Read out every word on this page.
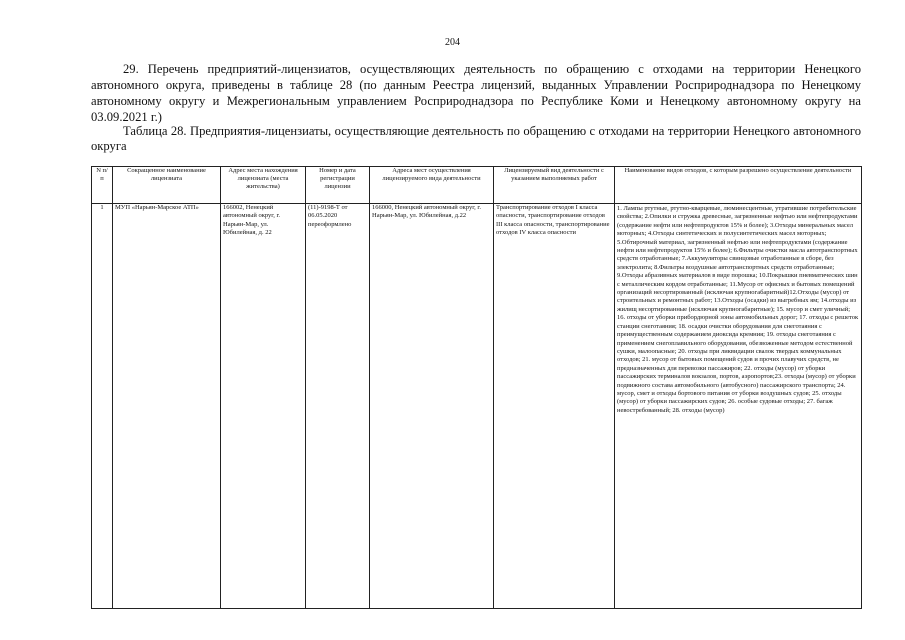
204
29. Перечень предприятий-лицензиатов, осуществляющих деятельность по обращению с отходами на территории Ненецкого автономного округа, приведены в таблице 28 (по данным Реестра лицензий, выданных Управлении Росприроднадзора по Ненецкому автономному округу и Межрегиональным управлением Росприроднадзора по Республике Коми и Ненецкому автономному округу на 03.09.2021 г.)
Таблица 28. Предприятия-лицензиаты, осуществляющие деятельность по обращению с отходами на территории Ненецкого автономного округа
N п/ п	Сокращенное наименование лицензиата	Адрес места нахождения лицензиата (места жительства)	Номер и дата регистрации лицензии	Адреса мест осуществления лицензируемого вида деятельности	Лицензируемый вид деятельности с указанием выполняемых работ	Наименование видов отходов, с которым разрешено осуществление деятельности
1	МУП «Нарьян-Марское АТП»	166002, Ненецкий автономный округ, г. Нарьян-Мар, ул. Юбилейная, д. 22	(11)-9198-Т от 06.05.2020 переоформлено	166000, Ненецкий автономный округ, г. Нарьян-Мар, ул. Юбилейная, д.22	Транспортирование отходов I класса опасности, транспортирование отходов III класса опасности, транспортирование отходов IV класса опасности	1. Лампы ртутные, ртутно-кварцевые, люминесцентные, утратившие потребительские свойства; 2.Опилки и стружка древесные, загрязненные нефтью или нефтепродуктами (содержание нефти или нефтепродуктов 15% и более); 3.Отходы минеральных масел моторных; 4.Отходы синтетических и полусинтетических масел моторных; 5.Обтирочный материал, загрязненный нефтью или нефтепродуктами (содержание нефти или нефтепродуктов 15% и более); 6.Фильтры очистки масла автотранспортных средств отработанные; 7.Аккумуляторы свинцовые отработанные в сборе, без электролита; 8.Фильтры воздушные автотранспортных средств отработанные; 9.Отходы абразивных материалов в виде порошка; 10.Покрышки пневматических шин с металлическим кордом отработанные; 11.Мусор от офисных и бытовых помещений организаций несортированный (исключая крупногабаритный)12.Отходы (мусор) от строительных и ремонтных работ; 13.Отходы (осадки) из выгребных ям; 14.отходы из жилищ несортированные (исключая крупногабаритные); 15. мусор и смет уличный; 16. отходы от уборки прибордюрной зоны автомобильных дорог; 17. отходы с решеток станции снеготаяния; 18. осадки очистки оборудования для снеготаяния с преимущественным содержанием диоксида кремния; 19. отходы снеготаяния с применением снегоплавильного оборудования, обезвоженные методом естественной сушки, малоопасные; 20. отходы при ликвидации свалок твердых коммунальных отходов; 21. мусор от бытовых помещений судов и прочих плавучих средств, не предназначенных для перевозки пассажиров; 22. отходы (мусор) от уборки пассажирских терминалов вокзалов, портов, аэропортов;23. отходы (мусор) от уборки подвижного состава автомобильного (автобусного) пассажирского транспорта; 24. мусор, смет и отходы бортового питания от уборки воздушных судов; 25. отходы (мусор) от уборки пассажирских судов; 26. особые судовые отходы; 27. багаж невостребованный; 28. отходы (мусор)
